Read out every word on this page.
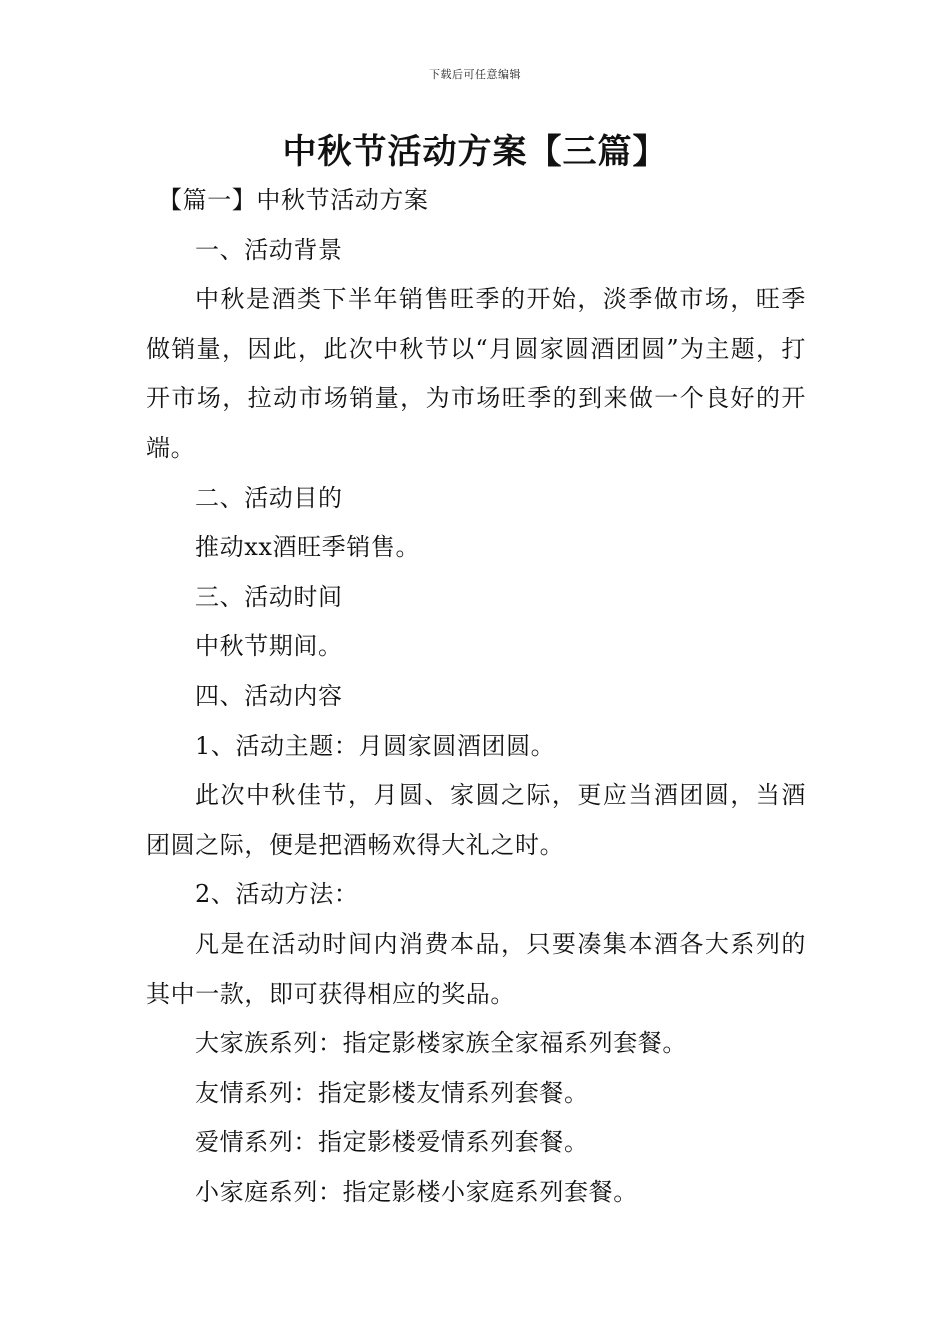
下载后可任意编辑
中秋节活动方案【三篇】

【篇一】中秋节活动方案

一、活动背景

中秋是酒类下半年销售旺季的开始，淡季做市场，旺季做销量，因此，此次中秋节以“月圆家圆酒团圆”为主题，打开市场，拉动市场销量，为市场旺季的到来做一个良好的开端。

二、活动目的

推动xx酒旺季销售。

三、活动时间

中秋节期间。

四、活动内容

1、活动主题：月圆家圆酒团圆。

此次中秋佳节，月圆、家圆之际，更应当酒团圆，当酒团圆之际，便是把酒畅欢得大礼之时。

2、活动方法：

凡是在活动时间内消费本品，只要凑集本酒各大系列的其中一款，即可获得相应的奖品。

大家族系列：指定影楼家族全家福系列套餐。

友情系列：指定影楼友情系列套餐。

爱情系列：指定影楼爱情系列套餐。

小家庭系列：指定影楼小家庭系列套餐。
